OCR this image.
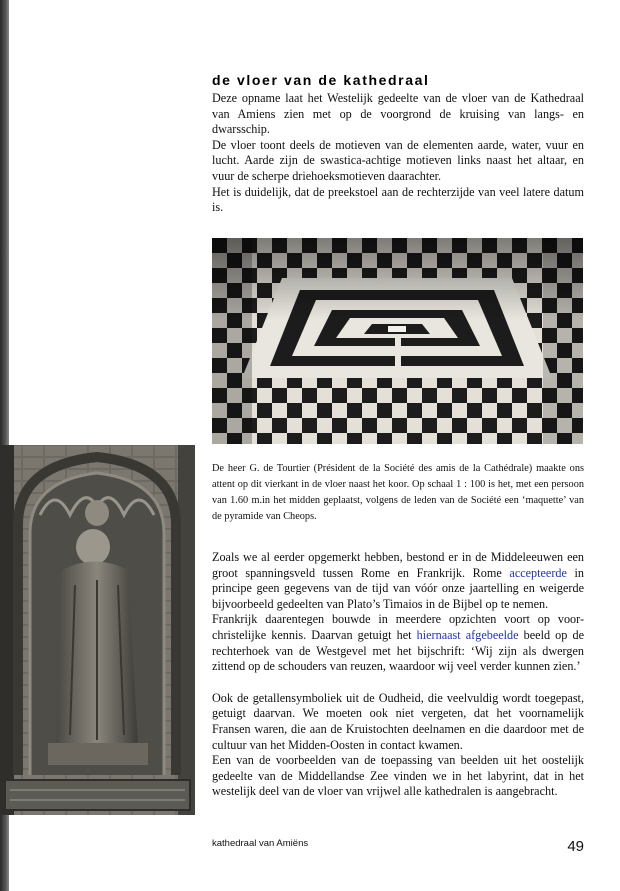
de vloer van de kathedraal

Deze opname laat het Westelijk gedeelte van de vloer van de Kathedraal van Amiens zien met op de voorgrond de kruising van langs- en dwarsschip.

De vloer toont deels de motieven van de elementen aarde, water, vuur en lucht. Aarde zijn de swastica-achtige motieven links naast het altaar, en vuur de scherpe driehoeksmotieven daarachter.

Het is duidelijk, dat de preekstoel aan de rechterzijde van veel latere datum is.

De heer G. de Tourtier (Président de la Société des amis de la Cathédrale) maakte ons attent op dit vierkant in de vloer naast het koor. Op schaal 1 : 100 is het, met een persoon van 1.60 m.in het midden geplaatst, volgens de leden van de Société een ‘maquette’ van de pyramide van Cheops.

Zoals we al eerder opgemerkt hebben, bestond er in de Middeleeuwen een groot spanningsveld tussen Rome en Frankrijk. Rome accepteerde in principe geen gegevens van de tijd van vóór onze jaartelling en weigerde bijvoorbeeld gedeelten van Plato’s Timaios in de Bijbel op te nemen.

Frankrijk daarentegen bouwde in meerdere opzichten voort op voor-christelijke kennis. Daarvan getuigt het hiernaast afgebeelde beeld op de rechterhoek van de Westgevel met het bijschrift: ‘Wij zijn als dwergen zittend op de schouders van reuzen, waardoor wij veel verder kunnen zien.’

Ook de getallensymboliek uit de Oudheid, die veelvuldig wordt toegepast, getuigt daarvan. We moeten ook niet vergeten, dat het voornamelijk Fransen waren, die aan de Kruistochten deelnamen en die daardoor met de cultuur van het Midden-Oosten in contact kwamen.

Een van de voorbeelden van de toepassing van beelden uit het oostelijk gedeelte van de Middellandse Zee vinden we in het labyrint, dat in het westelijk deel van de vloer van vrijwel alle kathedralen is aangebracht.

kathedraal van Amiëns	49
